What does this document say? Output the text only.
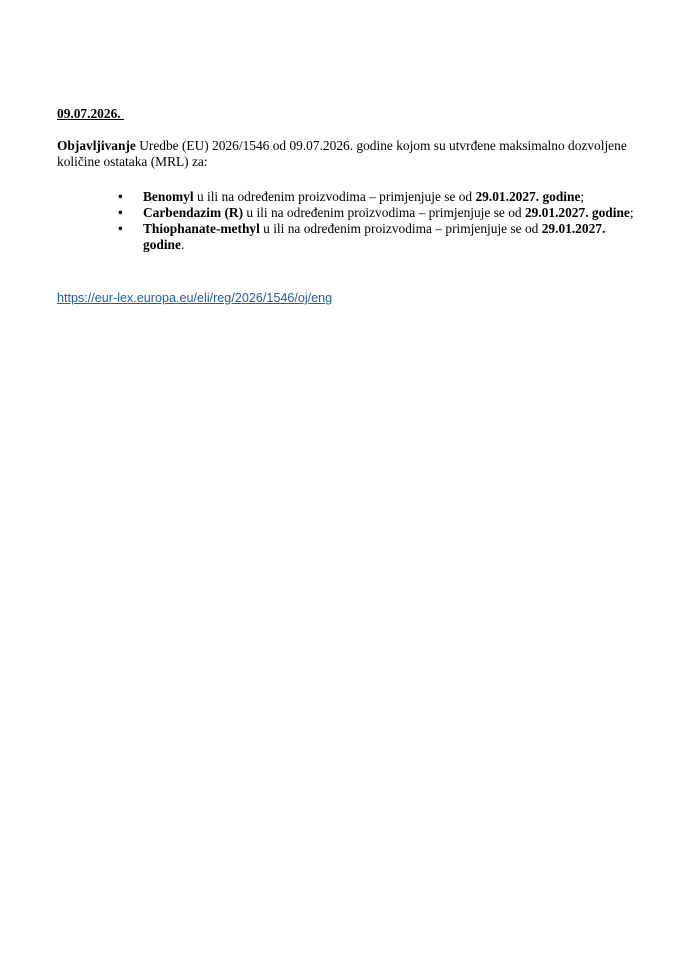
09.07.2026.
Objavljivanje Uredbe (EU) 2026/1546 od 09.07.2026. godine kojom su utvrđene maksimalno dozvoljene količine ostataka (MRL) za:
•	Benomyl u ili na određenim proizvodima – primjenjuje se od 29.01.2027. godine;
•	Carbendazim (R) u ili na određenim proizvodima – primjenjuje se od 29.01.2027. godine;
•	Thiophanate-methyl u ili na određenim proizvodima – primjenjuje se od 29.01.2027. godine.
https://eur-lex.europa.eu/eli/reg/2026/1546/oj/eng
